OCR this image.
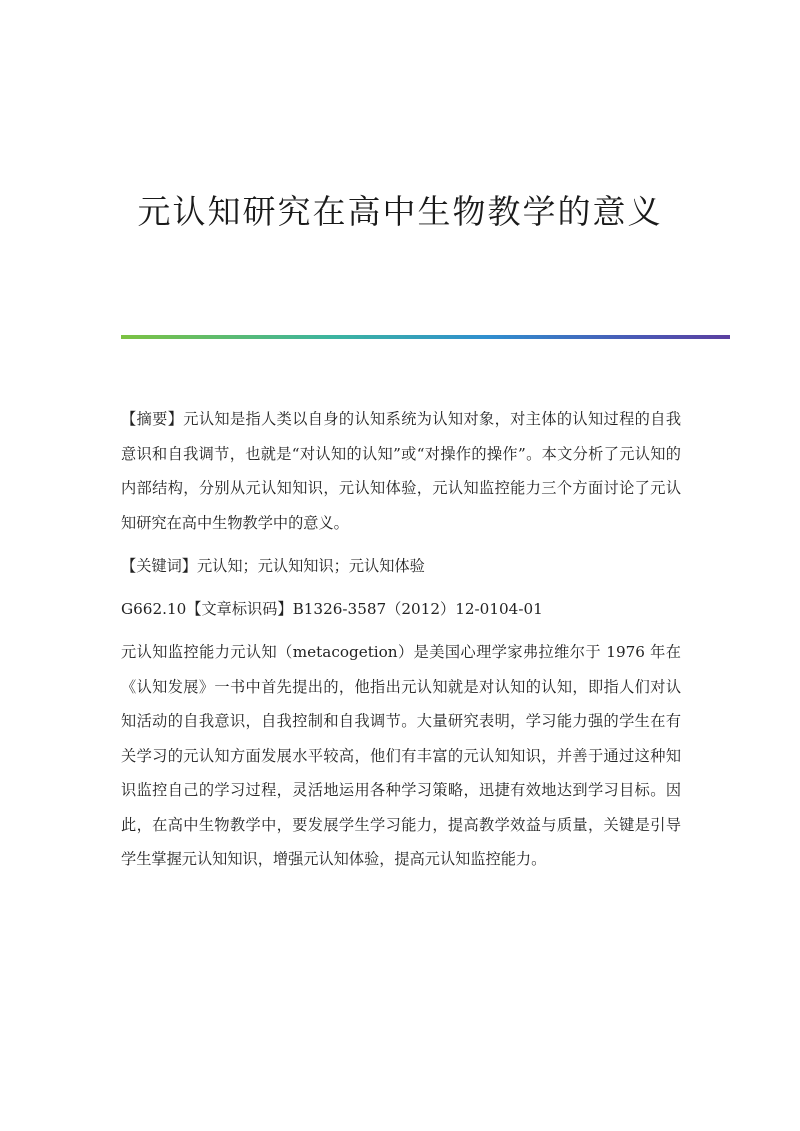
元认知研究在高中生物教学的意义

【摘要】元认知是指人类以自身的认知系统为认知对象，对主体的认知过程的自我意识和自我调节，也就是“对认知的认知”或“对操作的操作”。本文分析了元认知的内部结构，分别从元认知知识，元认知体验，元认知监控能力三个方面讨论了元认知研究在高中生物教学中的意义。

【关键词】元认知；元认知知识；元认知体验

G662.10【文章标识码】B1326-3587（2012）12-0104-01

元认知监控能力元认知（metacogetion）是美国心理学家弗拉维尔于 1976 年在《认知发展》一书中首先提出的，他指出元认知就是对认知的认知，即指人们对认知活动的自我意识，自我控制和自我调节。大量研究表明，学习能力强的学生在有关学习的元认知方面发展水平较高，他们有丰富的元认知知识，并善于通过这种知识监控自己的学习过程，灵活地运用各种学习策略，迅捷有效地达到学习目标。因此，在高中生物教学中，要发展学生学习能力，提高教学效益与质量，关键是引导学生掌握元认知知识，增强元认知体验，提高元认知监控能力。
